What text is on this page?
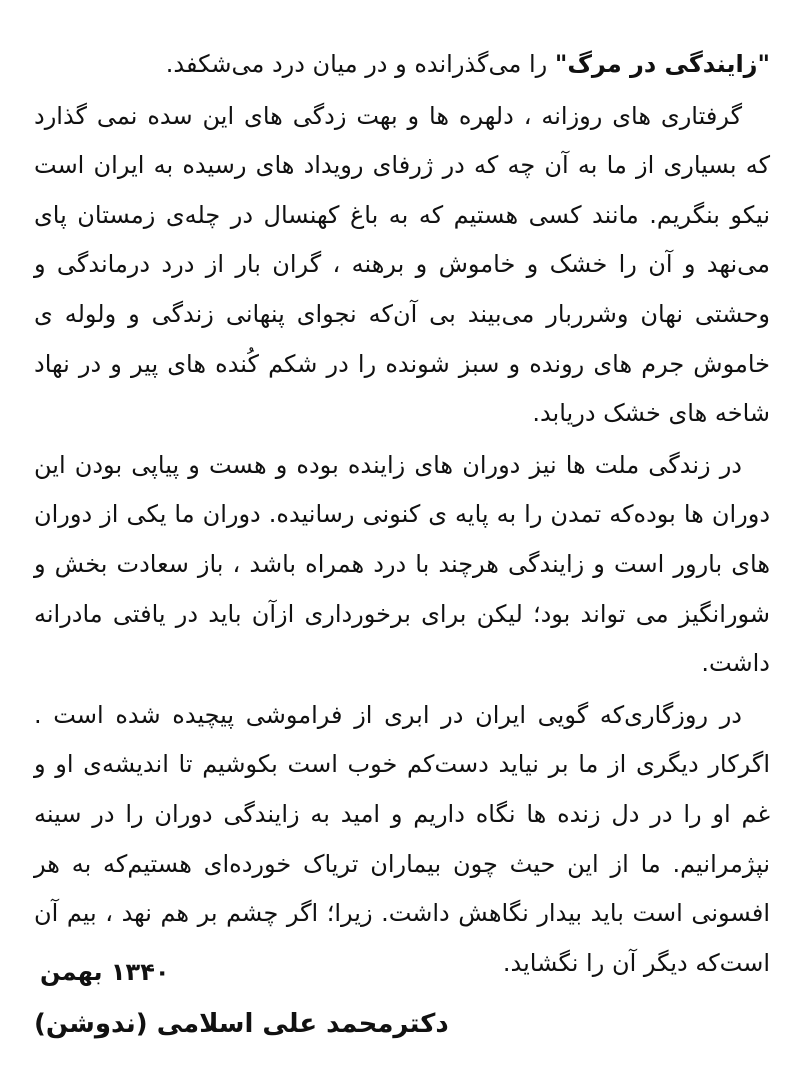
"زایندگی در مرگ" را می‌گذرانده و در میان درد می‌شکفد.

گرفتاری های روزانه ، دلهره ها و بهت زدگی های این سده نمی گذارد که بسیاری از ما به آن چه که در ژرفای رویداد های رسیده به ایران است نیکو بنگریم. مانند کسی هستیم که به باغ کهنسال در چله‌ی زمستان پای می‌نهد و آن را خشک و خاموش و برهنه ، گران بار از درد درماندگی و وحشتی نهان وشرربار می‌بیند بی آن‌که نجوای پنهانی زندگی و ولوله ی خاموش جرم های رونده و سبز شونده را در شکم کُنده های پیر و در نهاد شاخه های خشک دریابد.

در زندگی ملت ها نیز دوران های زاینده بوده و هست و پیاپی بودن این دوران ها بوده‌که تمدن را به پایه ی کنونی رسانیده. دوران ما یکی از دوران های بارور است و زایندگی هرچند با درد همراه باشد ، باز سعادت بخش و شورانگیز می تواند بود؛ لیکن برای برخورداری ازآن باید در یافتی مادرانه داشت.

در روزگاری‌که گویی ایران در ابری از فراموشی پیچیده شده است . اگرکار دیگری از ما بر نیاید دست‌کم خوب است بکوشیم تا اندیشه‌ی او و غم او را در دل زنده ها نگاه داریم و امید به زایندگی دوران را در سینه نپژمرانیم. ما از این حیث چون بیماران تریاک خورده‌ای هستیم‌که به هر افسونی است باید بیدار نگاهش داشت. زیرا؛ اگر چشم بر هم نهد ، بیم آن است‌که دیگر آن را نگشاید.

۱۳۴۰ بهمن
دکترمحمد علی اسلامی (ندوشن)
